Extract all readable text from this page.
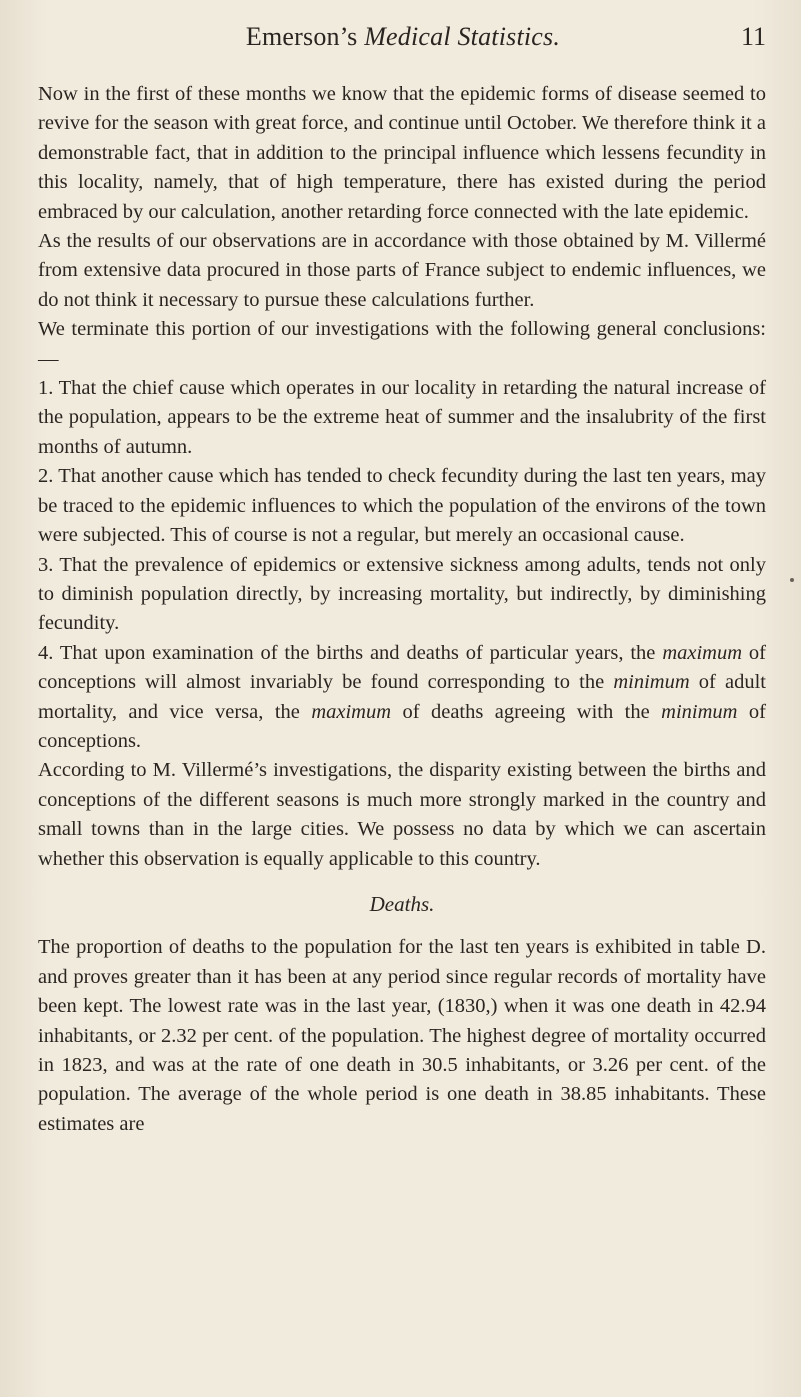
Emerson’s Medical Statistics.	11

Now in the first of these months we know that the epidemic forms of disease seemed to revive for the season with great force, and continue until October. We therefore think it a demonstrable fact, that in addition to the principal influence which lessens fecundity in this locality, namely, that of high temperature, there has existed during the period embraced by our calculation, another retarding force connected with the late epidemic.

As the results of our observations are in accordance with those obtained by M. Villermé from extensive data procured in those parts of France subject to endemic influences, we do not think it necessary to pursue these calculations further.

We terminate this portion of our investigations with the following general conclusions:—

1. That the chief cause which operates in our locality in retarding the natural increase of the population, appears to be the extreme heat of summer and the insalubrity of the first months of autumn.

2. That another cause which has tended to check fecundity during the last ten years, may be traced to the epidemic influences to which the population of the environs of the town were subjected. This of course is not a regular, but merely an occasional cause.

3. That the prevalence of epidemics or extensive sickness among adults, tends not only to diminish population directly, by increasing mortality, but indirectly, by diminishing fecundity.

4. That upon examination of the births and deaths of particular years, the maximum of conceptions will almost invariably be found corresponding to the minimum of adult mortality, and vice versa, the maximum of deaths agreeing with the minimum of conceptions.

According to M. Villermé’s investigations, the disparity existing between the births and conceptions of the different seasons is much more strongly marked in the country and small towns than in the large cities. We possess no data by which we can ascertain whether this observation is equally applicable to this country.

Deaths.

The proportion of deaths to the population for the last ten years is exhibited in table D. and proves greater than it has been at any period since regular records of mortality have been kept. The lowest rate was in the last year, (1830,) when it was one death in 42.94 inhabitants, or 2.32 per cent. of the population. The highest degree of mortality occurred in 1823, and was at the rate of one death in 30.5 inhabitants, or 3.26 per cent. of the population. The average of the whole period is one death in 38.85 inhabitants. These estimates are
